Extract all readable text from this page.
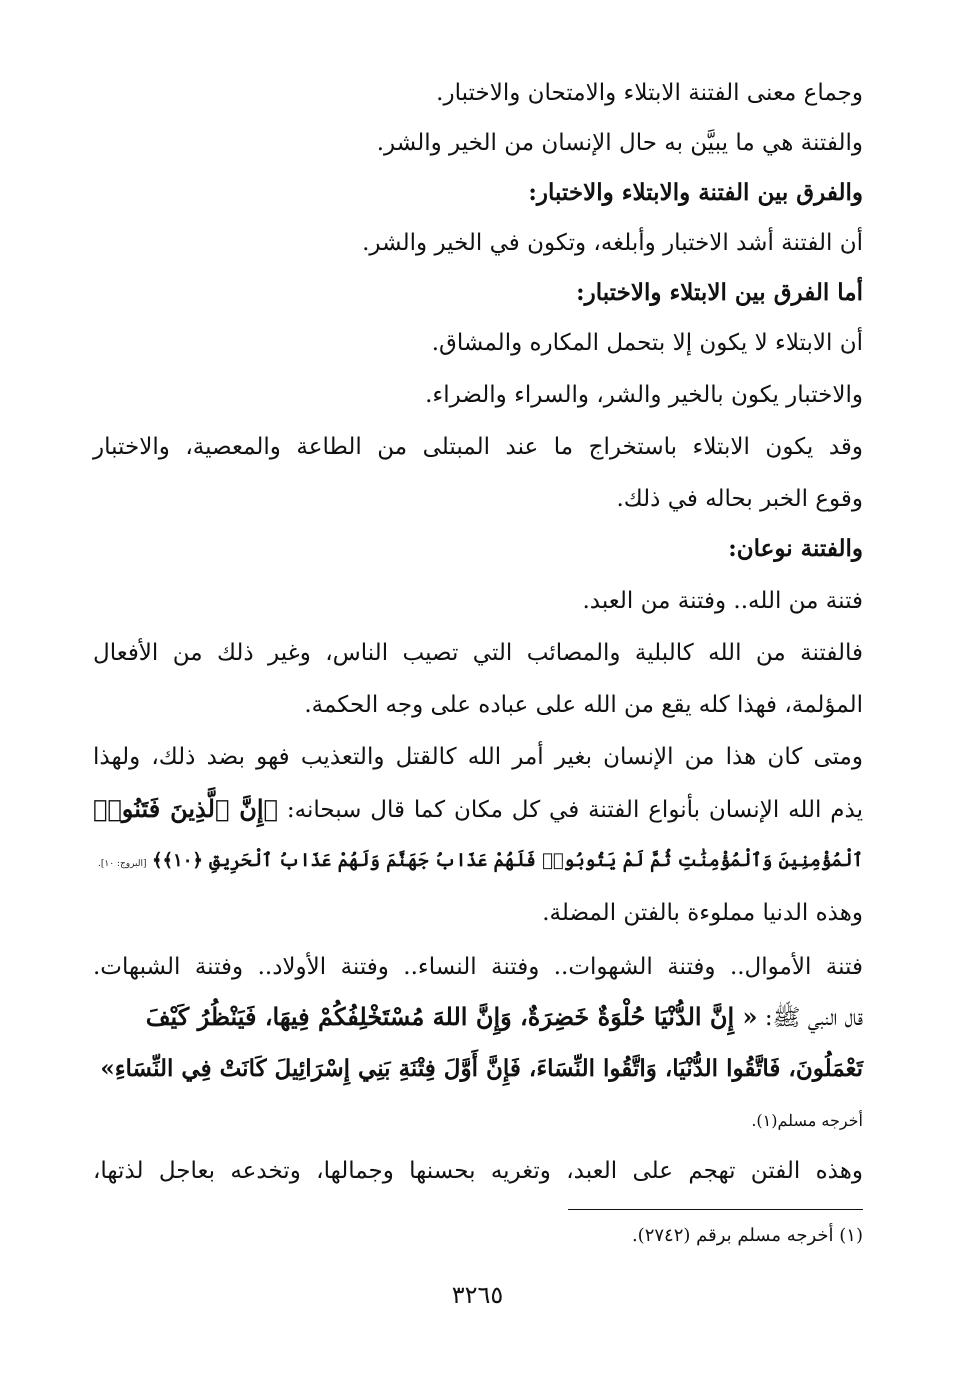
وجماع معنى الفتنة الابتلاء والامتحان والاختبار.
والفتنة هي ما يبيَّن به حال الإنسان من الخير والشر.
والفرق بين الفتنة والابتلاء والاختبار:
أن الفتنة أشد الاختبار وأبلغه، وتكون في الخير والشر.
أما الفرق بين الابتلاء والاختبار:
أن الابتلاء لا يكون إلا بتحمل المكاره والمشاق.
والاختبار يكون بالخير والشر، والسراء والضراء.
وقد يكون الابتلاء باستخراج ما عند المبتلى من الطاعة والمعصية، والاختبار
وقوع الخبر بحاله في ذلك.
والفتنة نوعان:
فتنة من الله.. وفتنة من العبد.
فالفتنة من الله كالبلية والمصائب التي تصيب الناس، وغير ذلك من الأفعال
المؤلمة، فهذا كله يقع من الله على عباده على وجه الحكمة.
ومتى كان هذا من الإنسان بغير أمر الله كالقتل والتعذيب فهو بضد ذلك، ولهذا
يذم الله الإنسان بأنواع الفتنة في كل مكان كما قال سبحانه: ﴿إِنَّ ٱلَّذِينَ فَتَنُوا۟
ٱلْمُؤْمِنِينَ وَٱلْمُؤْمِنَٰتِ ثُمَّ لَمْ يَتُوبُوا۟ فَلَهُمْ عَذَابُ جَهَنَّمَ وَلَهُمْ عَذَابُ ٱلْحَرِيقِ ﴿١٠﴾﴾ [البروج: ١٠].
وهذه الدنيا مملوءة بالفتن المضلة.
فتنة الأموال.. وفتنة الشهوات.. وفتنة النساء.. وفتنة الأولاد.. وفتنة الشبهات.
قال النبي ﷺ: « إِنَّ الدُّنْيَا حُلْوَةٌ خَضِرَةٌ، وَإِنَّ اللهَ مُسْتَخْلِفُكُمْ فِيهَا، فَيَنْظُرُ كَيْفَ
تَعْمَلُونَ، فَاتَّقُوا الدُّنْيَا، وَاتَّقُوا النِّسَاءَ، فَإِنَّ أَوَّلَ فِتْنَةِ بَنِي إِسْرَائِيلَ كَانَتْ فِي النِّسَاءِ»
أخرجه مسلم(١).
وهذه الفتن تهجم على العبد، وتغريه بحسنها وجمالها، وتخدعه بعاجل لذتها،
(١) أخرجه مسلم برقم (٢٧٤٢).
٣٢٦٥
